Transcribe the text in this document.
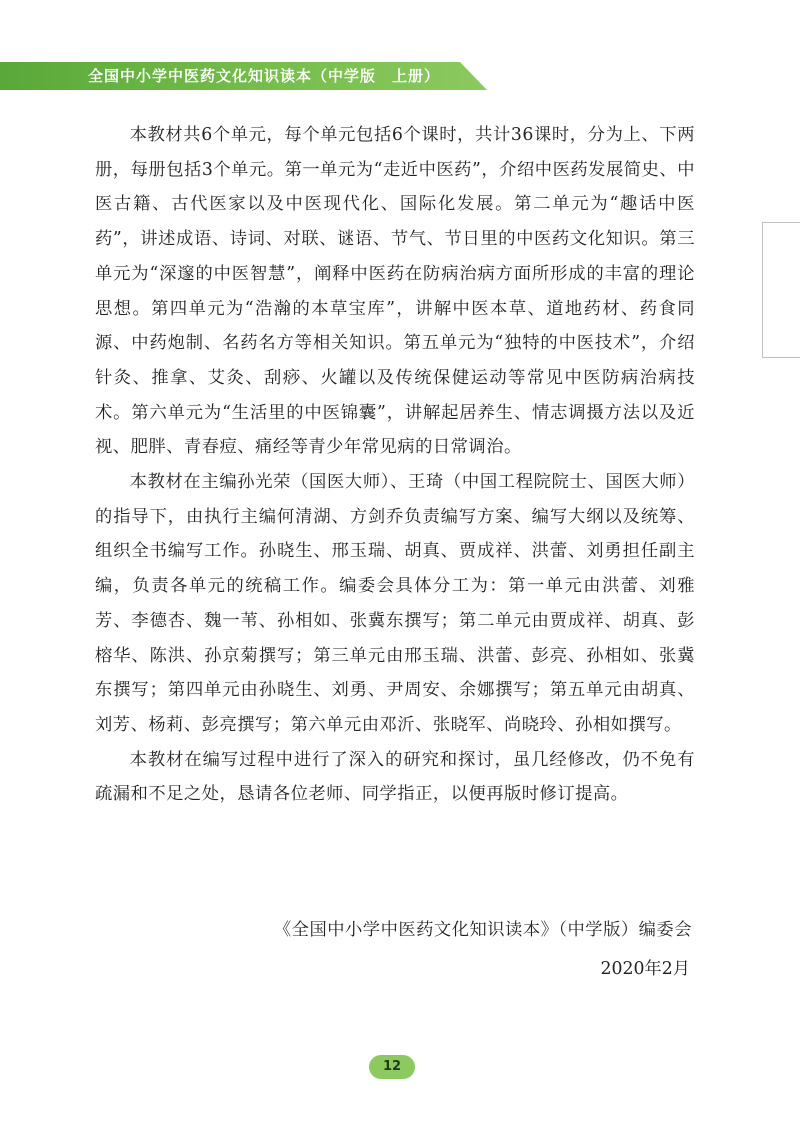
全国中小学中医药文化知识读本（中学版　上册）

本教材共6个单元，每个单元包括6个课时，共计36课时，分为上、下两册，每册包括3个单元。第一单元为“走近中医药”，介绍中医药发展简史、中医古籍、古代医家以及中医现代化、国际化发展。第二单元为“趣话中医药”，讲述成语、诗词、对联、谜语、节气、节日里的中医药文化知识。第三单元为“深邃的中医智慧”，阐释中医药在防病治病方面所形成的丰富的理论思想。第四单元为“浩瀚的本草宝库”，讲解中医本草、道地药材、药食同源、中药炮制、名药名方等相关知识。第五单元为“独特的中医技术”，介绍针灸、推拿、艾灸、刮痧、火罐以及传统保健运动等常见中医防病治病技术。第六单元为“生活里的中医锦囊”，讲解起居养生、情志调摄方法以及近视、肥胖、青春痘、痛经等青少年常见病的日常调治。

本教材在主编孙光荣（国医大师）、王琦（中国工程院院士、国医大师）的指导下，由执行主编何清湖、方剑乔负责编写方案、编写大纲以及统筹、组织全书编写工作。孙晓生、邢玉瑞、胡真、贾成祥、洪蕾、刘勇担任副主编，负责各单元的统稿工作。编委会具体分工为：第一单元由洪蕾、刘雅芳、李德杏、魏一苇、孙相如、张冀东撰写；第二单元由贾成祥、胡真、彭榕华、陈洪、孙京菊撰写；第三单元由邢玉瑞、洪蕾、彭亮、孙相如、张冀东撰写；第四单元由孙晓生、刘勇、尹周安、余娜撰写；第五单元由胡真、刘芳、杨莉、彭亮撰写；第六单元由邓沂、张晓军、尚晓玲、孙相如撰写。

本教材在编写过程中进行了深入的研究和探讨，虽几经修改，仍不免有疏漏和不足之处，恳请各位老师、同学指正，以便再版时修订提高。

《全国中小学中医药文化知识读本》（中学版）编委会
2020年2月
12
